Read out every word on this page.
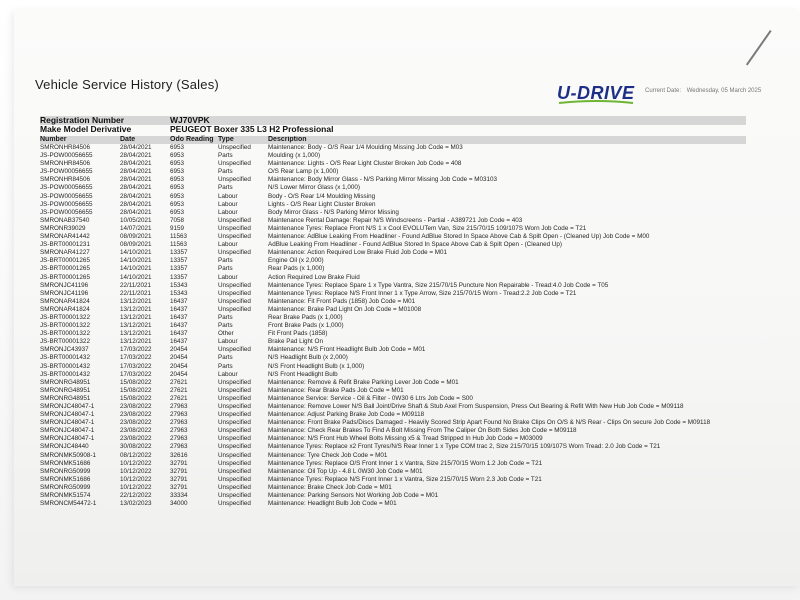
Vehicle Service History (Sales)	U-DRIVE Current Date: Wednesday, 05 March 2025
Registration Number	WJ70VPK
Make Model Derivative	PEUGEOT Boxer 335 L3 H2 Professional
Number	Date	Odo Reading Type	Description
SMRONHR84506	28/04/2021	6953	Unspecified	Maintenance: Body - O/S Rear 1/4 Moulding Missing Job Code = M03
JS-POW00056655	28/04/2021	6953	Parts	Moulding (x 1,000)
SMRONHR84506	28/04/2021	6953	Unspecified	Maintenance: Lights - O/S Rear Light Cluster Broken Job Code = 408
JS-POW00056655	28/04/2021	6953	Parts	O/S Rear Lamp (x 1,000)
SMRONHR84506	28/04/2021	6953	Unspecified	Maintenance: Body Mirror Glass - N/S Parking Mirror Missing Job Code = M03103
JS-POW00056655	28/04/2021	6953	Parts	N/S Lower Mirror Glass (x 1,000)
JS-POW00056655	28/04/2021	6953	Labour	Body - O/S Rear 1/4 Moulding Missing
JS-POW00056655	28/04/2021	6953	Labour	Lights - O/S Rear Light Cluster Broken
JS-POW00056655	28/04/2021	6953	Labour	Body Mirror Glass - N/S Parking Mirror Missing
SMRONAB37540	10/05/2021	7058	Unspecified	Maintenance Rental Damage: Repair N/S Windscreens - Partial - A389721 Job Code = 403
SMRONR39029	14/07/2021	9159	Unspecified	Maintenance Tyres: Replace Front N/S 1 x Cool EVOLUTem Van, Size 215/70/15 109/107S Worn Job Code = T21
SMRONAR41442	08/09/2021	11563	Unspecified	Maintenance: AdBlue Leaking From Headliner - Found AdBlue Stored In Space Above Cab & Spilt Open - (Cleaned Up) Job Code = M00
JS-BRT00001231	08/09/2021	11563	Labour	AdBlue Leaking From Headliner - Found AdBlue Stored In Space Above Cab & Spilt Open - (Cleaned Up)
SMRONAR41227	14/10/2021	13357	Unspecified	Maintenance: Action Required Low Brake Fluid Job Code = M01
JS-BRT00001265	14/10/2021	13357	Parts	Engine Oil (x 2,000)
JS-BRT00001265	14/10/2021	13357	Parts	Rear Pads (x 1,000)
JS-BRT00001265	14/10/2021	13357	Labour	Action Required Low Brake Fluid
SMRONJC41196	22/11/2021	15343	Unspecified	Maintenance Tyres: Replace Spare 1 x Type Vantra, Size 215/70/15 Puncture Non Repairable - Tread:4.0 Job Code = T05
SMRONJC41196	22/11/2021	15343	Unspecified	Maintenance Tyres: Replace N/S Front Inner 1 x Type Arrow, Size 215/70/15 Worn - Tread:2.2 Job Code = T21
SMRONAR41824	13/12/2021	16437	Unspecified	Maintenance: Fit Front Pads (1858) Job Code = M01
SMRONAR41824	13/12/2021	16437	Unspecified	Maintenance: Brake Pad Light On Job Code = M01008
JS-BRT00001322	13/12/2021	16437	Parts	Rear Brake Pads (x 1,000)
JS-BRT00001322	13/12/2021	16437	Parts	Front Brake Pads (x 1,000)
JS-BRT00001322	13/12/2021	16437	Other	Fit Front Pads (1858)
JS-BRT00001322	13/12/2021	16437	Labour	Brake Pad Light On
SMRONJC43937	17/03/2022	20454	Unspecified	Maintenance: N/S Front Headlight Bulb Job Code = M01
JS-BRT00001432	17/03/2022	20454	Parts	N/S Headlight Bulb (x 2,000)
JS-BRT00001432	17/03/2022	20454	Parts	N/S Front Headlight Bulb (x 1,000)
JS-BRT00001432	17/03/2022	20454	Labour	N/S Front Headlight Bulb
SMRONRG48951	15/08/2022	27621	Unspecified	Maintenance: Remove & Refit Brake Parking Lever Job Code = M01
SMRONRG48951	15/08/2022	27621	Unspecified	Maintenance: Rear Brake Pads Job Code = M01
SMRONRG48951	15/08/2022	27621	Unspecified	Maintenance Service: Service - Oil & Filter - 0W30 6 Ltrs Job Code = S00
SMRONJC48047-1	23/08/2022	27963	Unspecified	Maintenance: Remove Lower N/S Ball Joint/Drive Shaft & Stub Axel From Suspension, Press Out Bearing & Refit With New Hub Job Code = M09118
SMRONJC48047-1	23/08/2022	27963	Unspecified	Maintenance: Adjust Parking Brake Job Code = M09118
SMRONJC48047-1	23/08/2022	27963	Unspecified	Maintenance: Front Brake Pads/Discs Damaged - Heavily Scored Strip Apart Found No Brake Clips On O/S & N/S Rear - Clips On secure Job Code = M09118
SMRONJC48047-1	23/08/2022	27963	Unspecified	Maintenance: Check Rear Brakes To Find A Bolt Missing From The Caliper On Both Sides Job Code = M09118
SMRONJC48047-1	23/08/2022	27963	Unspecified	Maintenance: N/S Front Hub Wheel Bolts Missing x5 & Tread Stripped In Hub Job Code = M03009
SMRONJC48440	30/08/2022	27963	Unspecified	Maintenance Tyres: Replace x2 Front Tyres/N/S Rear Inner 1 x Type COM trac 2, Size 215/70/15 109/107S Worn Tread: 2.0 Job Code = T21
SMRONMK50908-1	08/12/2022	32616	Unspecified	Maintenance: Tyre Check Job Code = M01
SMRONMK51686	10/12/2022	32791	Unspecified	Maintenance Tyres: Replace O/S Front Inner 1 x Vantra, Size 215/70/15 Worn 1.2 Job Code = T21
SMRONRG50999	10/12/2022	32791	Unspecified	Maintenance: Oil Top Up - 4.8 L 0W30 Job Code = M01
SMRONMK51686	10/12/2022	32791	Unspecified	Maintenance Tyres: Replace N/S Front Inner 1 x Vantra, Size 215/70/15 Worn 2.3 Job Code = T21
SMRONRG50999	10/12/2022	32791	Unspecified	Maintenance: Brake Check Job Code = M01
SMRONMK51574	22/12/2022	33334	Unspecified	Maintenance: Parking Sensors Not Working Job Code = M01
SMRONCM54472-1	13/02/2023	34000	Unspecified	Maintenance: Headlight Bulb Job Code = M01
